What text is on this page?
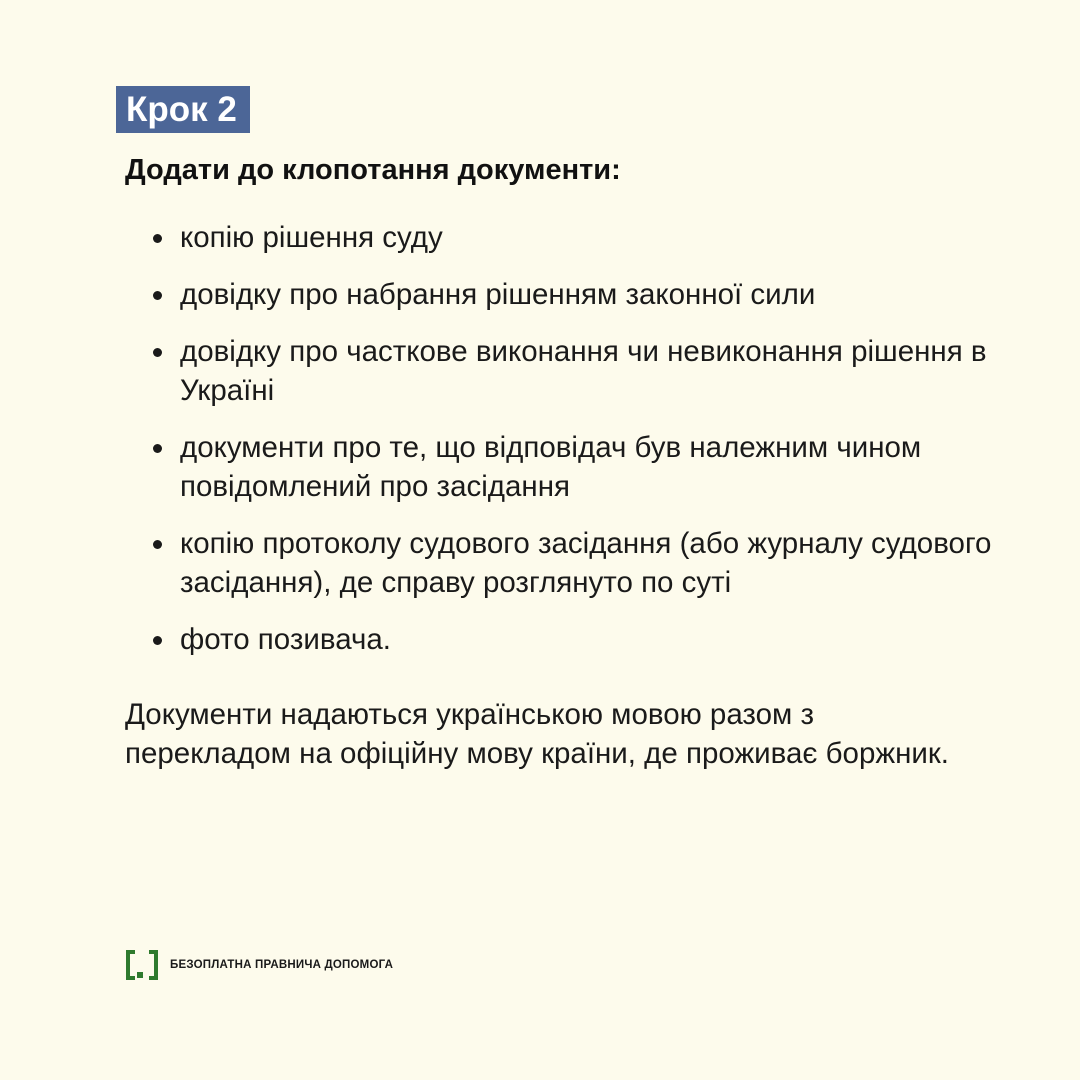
Крок 2
Додати до клопотання документи:
копію рішення суду
довідку про набрання рішенням законної сили
довідку про часткове виконання чи невиконання рішення в Україні
документи про те, що відповідач був належним чином повідомлений про засідання
копію протоколу судового засідання (або журналу судового засідання), де справу розглянуто по суті
фото позивача.

Документи надаються українською мовою разом з перекладом на офіційну мову країни, де проживає боржник.

БЕЗОПЛАТНА ПРАВНИЧА ДОПОМОГА
